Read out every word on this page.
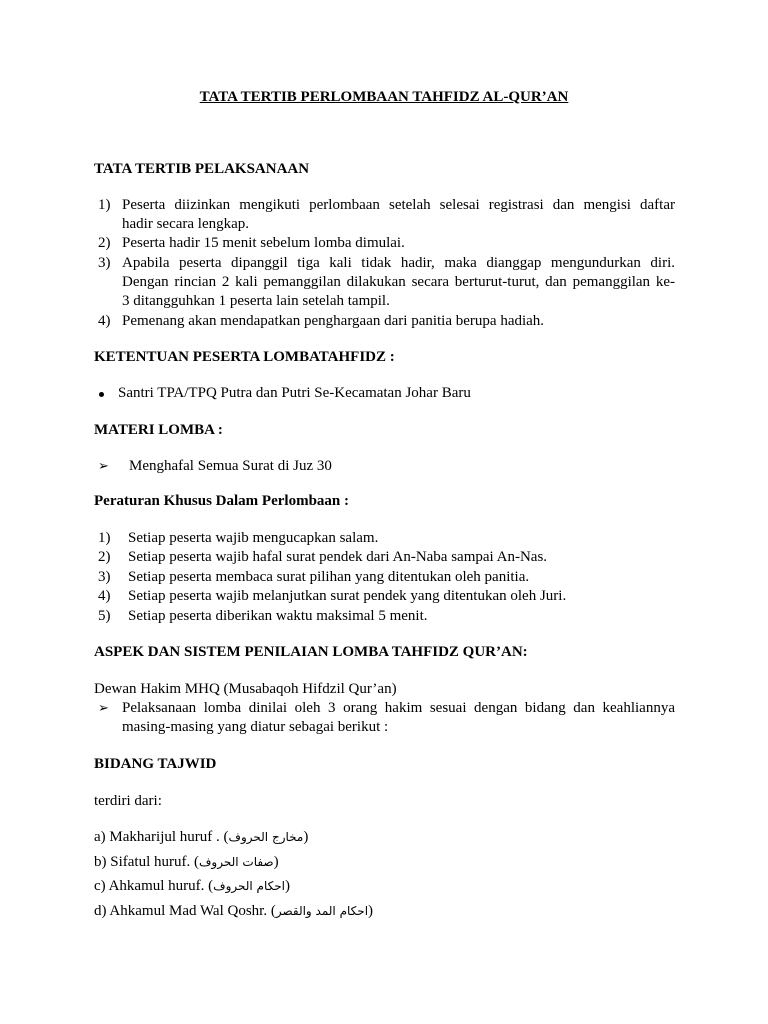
TATA TERTIB PERLOMBAAN TAHFIDZ AL-QUR’AN
TATA TERTIB PELAKSANAAN
1) Peserta diizinkan mengikuti perlombaan setelah selesai registrasi dan mengisi daftar
hadir secara lengkap.
2) Peserta hadir 15 menit sebelum lomba dimulai.
3) Apabila peserta dipanggil tiga kali tidak hadir, maka dianggap mengundurkan diri.
Dengan rincian 2 kali pemanggilan dilakukan secara berturut-turut, dan pemanggilan ke-
3 ditangguhkan 1 peserta lain setelah tampil.
4) Pemenang akan mendapatkan penghargaan dari panitia berupa hadiah.
KETENTUAN PESERTA LOMBATAHFIDZ :
Santri TPA/TPQ Putra dan Putri Se-Kecamatan Johar Baru
MATERI LOMBA :
➢ Menghafal Semua Surat di Juz 30
Peraturan Khusus Dalam Perlombaan :
1) Setiap peserta wajib mengucapkan salam.
2) Setiap peserta wajib hafal surat pendek dari An-Naba sampai An-Nas.
3) Setiap peserta membaca surat pilihan yang ditentukan oleh panitia.
4) Setiap peserta wajib melanjutkan surat pendek yang ditentukan oleh Juri.
5) Setiap peserta diberikan waktu maksimal 5 menit.
ASPEK DAN SISTEM PENILAIAN LOMBA TAHFIDZ QUR’AN:
Dewan Hakim MHQ (Musabaqoh Hifdzil Qur’an)
➢ Pelaksanaan lomba dinilai oleh 3 orang hakim sesuai dengan bidang dan keahliannya
masing-masing yang diatur sebagai berikut :
BIDANG TAJWID
terdiri dari:
a) Makharijul huruf . (مخارج الحروف)
b) Sifatul huruf. (صفات الحروف)
c) Ahkamul huruf. (احكام الحروف)
d) Ahkamul Mad Wal Qoshr. (احكام المد والقصر)
